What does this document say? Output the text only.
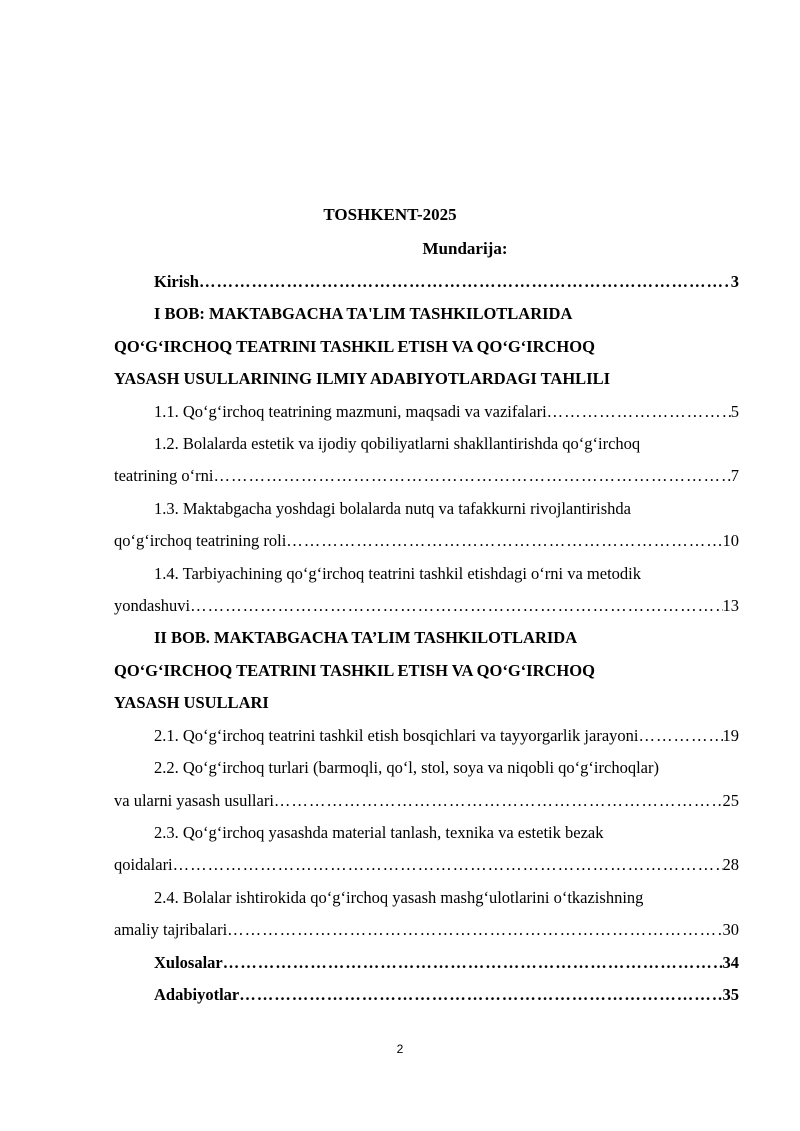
TOSHKENT-2025
Mundarija:
Kirish …………………………………………………………………………………………………………………………………………………………………………………………………………	3
I BOB: MAKTABGACHA TA'LIM TASHKILOTLARIDA
QO‘G‘IRCHOQ TEATRINI TASHKIL ETISH VA QO‘G‘IRCHOQ
YASASH USULLARINING ILMIY ADABIYOTLARDAGI TAHLILI
1.1. Qo‘g‘irchoq teatrining mazmuni, maqsadi va vazifalari …………………………………………………………………………………………………………………………………………………………………………………………………………	5
1.2. Bolalarda estetik va ijodiy qobiliyatlarni shakllantirishda qo‘g‘irchoq
teatrining o‘rni …………………………………………………………………………………………………………………………………………………………………………………………………………	7
1.3. Maktabgacha yoshdagi bolalarda nutq va tafakkurni rivojlantirishda
qo‘g‘irchoq teatrining roli …………………………………………………………………………………………………………………………………………………………………………………………………………	10
1.4. Tarbiyachining qo‘g‘irchoq teatrini tashkil etishdagi o‘rni va metodik
yondashuvi …………………………………………………………………………………………………………………………………………………………………………………………………………	13
II BOB. MAKTABGACHA TA’LIM TASHKILOTLARIDA
QO‘G‘IRCHOQ TEATRINI TASHKIL ETISH VA QO‘G‘IRCHOQ
YASASH USULLARI
2.1. Qo‘g‘irchoq teatrini tashkil etish bosqichlari va tayyorgarlik jarayoni …………………………………………………………………………………………………………………………………………………………………………………………………………	19
2.2. Qo‘g‘irchoq turlari (barmoqli, qo‘l, stol, soya va niqobli qo‘g‘irchoqlar)
va ularni yasash usullari …………………………………………………………………………………………………………………………………………………………………………………………………………	25
2.3. Qo‘g‘irchoq yasashda material tanlash, texnika va estetik bezak
qoidalari …………………………………………………………………………………………………………………………………………………………………………………………………………	28
2.4. Bolalar ishtirokida qo‘g‘irchoq yasash mashg‘ulotlarini o‘tkazishning
amaliy tajribalari …………………………………………………………………………………………………………………………………………………………………………………………………………	30
Xulosalar …………………………………………………………………………………………………………………………………………………………………………………………………………	34
Adabiyotlar …………………………………………………………………………………………………………………………………………………………………………………………………………	35
2
